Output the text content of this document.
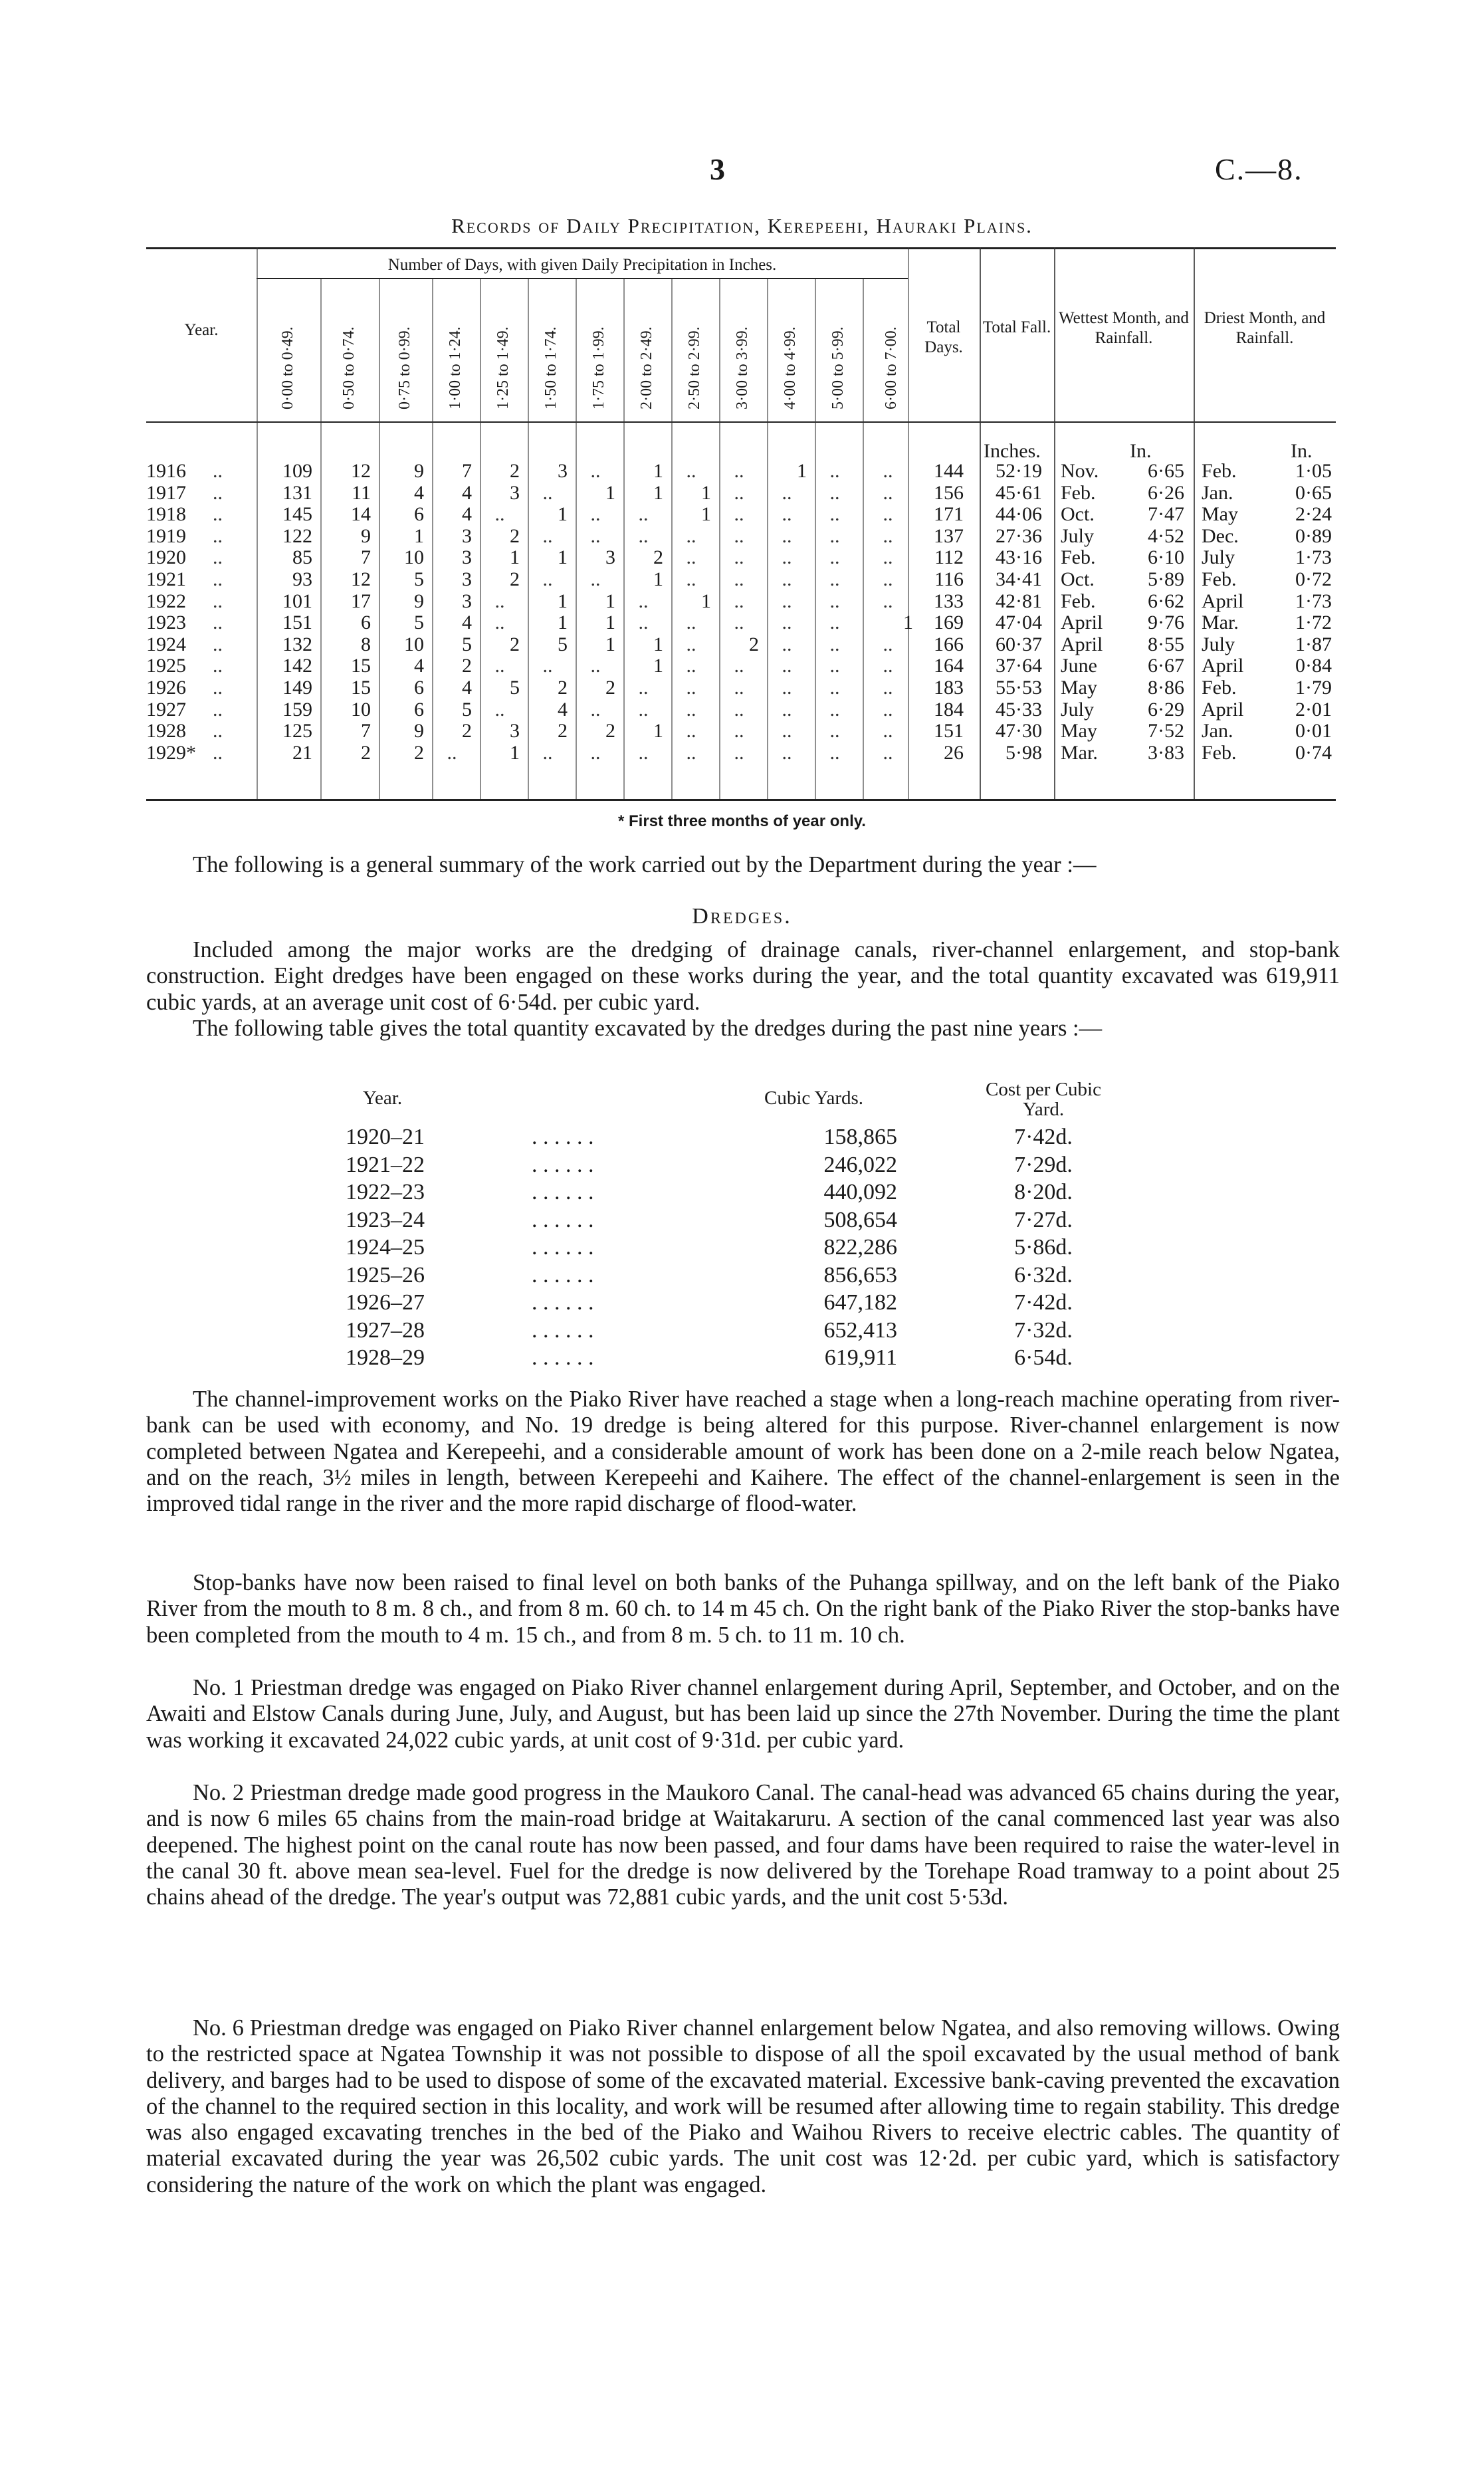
3	C.—8.
Records of Daily Precipitation, Kerepeehi, Hauraki Plains.
Year.
Number of Days, with given Daily Precipitation in Inches.
Total Days.
Total Fall.
Wettest Month, and Rainfall.
Driest Month, and Rainfall.
Inches.	In.	In.
0·00 to 0·49.	0·50 to 0·74. 0·75 to 0·99. 1·00 to 1·24. 1·25 to 1·49. 1·50 to 1·74. 1·75 to 1·99. 2·00 to 2·49. 2·50 to 2·99. 3·00 to 3·99. 4·00 to 4·99. 5·00 to 5·99. 6·00 to 7·00.
1916 ..	109	12	9	7	2	3	..	1	..	..	1	..	..	144	52·19 Nov.	6·65 Feb.	1·05
1917 ..	131	11	4	4	3	..	1	1	1	..	..	..	..	156	45·61 Feb.	6·26 Jan.	0·65
1918 ..	145	14	6	4	..	1	..	..	1	..	..	..	..	171	44·06 Oct.	7·47 May	2·24
1919 ..	122	9	1	3	2	..	..	..	..	..	..	..	..	137	27·36 July	4·52 Dec.	0·89
1920 ..	85	7	10	3	1	1	3	2	..	..	..	..	..	112	43·16 Feb.	6·10 July	1·73
1921 ..	93	12	5	3	2	..	..	1	..	..	..	..	..	116	34·41 Oct.	5·89 Feb.	0·72
1922 ..	101	17	9	3	..	1	1	..	1	..	..	..	..	133	42·81 Feb.	6·62 April	1·73
1923 ..	151	6	5	4	..	1	1	..	..	..	..	..	1	169	47·04 April	9·76 Mar.	1·72
1924 ..	132	8	10	5	2	5	1	1	..	2	..	..	..	166	60·37 April	8·55 July	1·87
1925 ..	142	15	4	2	..	..	..	1	..	..	..	..	..	164	37·64 June	6·67 April	0·84
1926 ..	149	15	6	4	5	2	2	..	..	..	..	..	..	183	55·53 May	8·86 Feb.	1·79
1927 ..	159	10	6	5	..	4	..	..	..	..	..	..	..	184	45·33 July	6·29 April	2·01
1928 ..	125	7	9	2	3	2	2	1	..	..	..	..	..	151	47·30 May	7·52 Jan.	0·01
1929* ..	21	2	2	..	1	..	..	..	..	..	..	..	..	26	5·98 Mar.	3·83 Feb.	0·74
* First three months of year only.

The following is a general summary of the work carried out by the Department during the year :—

Dredges.

Included among the major works are the dredging of drainage canals, river-channel enlargement, and stop-bank construction. Eight dredges have been engaged on these works during the year, and the total quantity excavated was 619,911 cubic yards, at an average unit cost of 6·54d. per cubic yard.

The following table gives the total quantity excavated by the dredges during the past nine years :—

Year.	Cubic Yards.	Cost per Cubic Yard.
1920–21	. . . . . .	158,865	7·42d.
1921–22	. . . . . .	246,022	7·29d.
1922–23	. . . . . .	440,092	8·20d.
1923–24	. . . . . .	508,654	7·27d.
1924–25	. . . . . .	822,286	5·86d.
1925–26	. . . . . .	856,653	6·32d.
1926–27	. . . . . .	647,182	7·42d.
1927–28	. . . . . .	652,413	7·32d.
1928–29	. . . . . .	619,911	6·54d.

The channel-improvement works on the Piako River have reached a stage when a long-reach machine operating from river-bank can be used with economy, and No. 19 dredge is being altered for this purpose. River-channel enlargement is now completed between Ngatea and Kerepeehi, and a considerable amount of work has been done on a 2-mile reach below Ngatea, and on the reach, 3½ miles in length, between Kerepeehi and Kaihere. The effect of the channel-enlargement is seen in the improved tidal range in the river and the more rapid discharge of flood-water.

Stop-banks have now been raised to final level on both banks of the Puhanga spillway, and on the left bank of the Piako River from the mouth to 8 m. 8 ch., and from 8 m. 60 ch. to 14 m 45 ch. On the right bank of the Piako River the stop-banks have been completed from the mouth to 4 m. 15 ch., and from 8 m. 5 ch. to 11 m. 10 ch.

No. 1 Priestman dredge was engaged on Piako River channel enlargement during April, September, and October, and on the Awaiti and Elstow Canals during June, July, and August, but has been laid up since the 27th November. During the time the plant was working it excavated 24,022 cubic yards, at unit cost of 9·31d. per cubic yard.

No. 2 Priestman dredge made good progress in the Maukoro Canal. The canal-head was advanced 65 chains during the year, and is now 6 miles 65 chains from the main-road bridge at Waitakaruru. A section of the canal commenced last year was also deepened. The highest point on the canal route has now been passed, and four dams have been required to raise the water-level in the canal 30 ft. above mean sea-level. Fuel for the dredge is now delivered by the Torehape Road tramway to a point about 25 chains ahead of the dredge. The year's output was 72,881 cubic yards, and the unit cost 5·53d.

No. 6 Priestman dredge was engaged on Piako River channel enlargement below Ngatea, and also removing willows. Owing to the restricted space at Ngatea Township it was not possible to dispose of all the spoil excavated by the usual method of bank delivery, and barges had to be used to dispose of some of the excavated material. Excessive bank-caving prevented the excavation of the channel to the required section in this locality, and work will be resumed after allowing time to regain stability. This dredge was also engaged excavating trenches in the bed of the Piako and Waihou Rivers to receive electric cables. The quantity of material excavated during the year was 26,502 cubic yards. The unit cost was 12·2d. per cubic yard, which is satisfactory considering the nature of the work on which the plant was engaged.
